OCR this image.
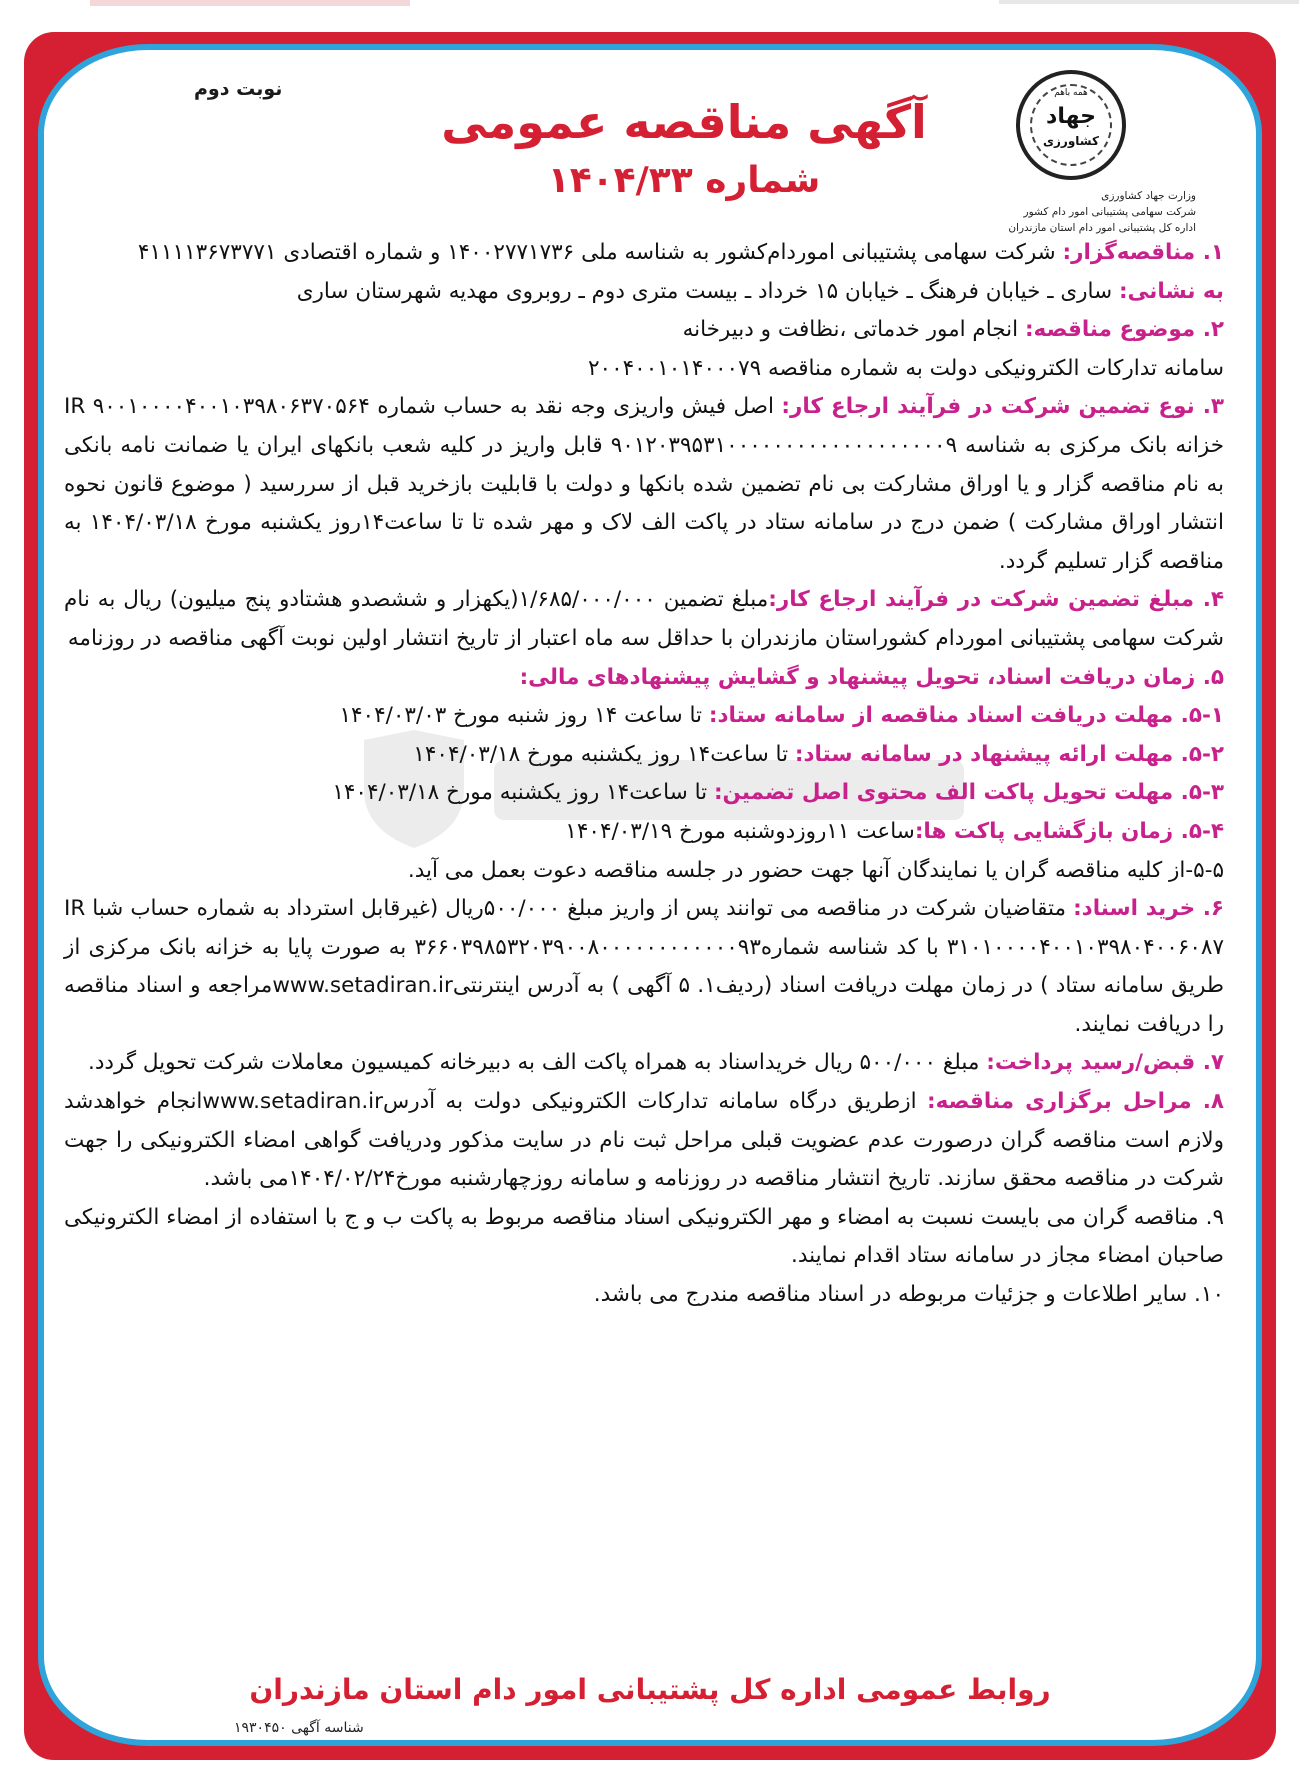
نوبت دوم
آگهی مناقصه عمومی
شماره ۱۴۰۴/۳۳
همه باهم
جهاد
کشاورزی
وزارت جهاد کشاورزی
شرکت سهامی پشتیبانی امور دام کشور
اداره کل پشتیبانی امور دام استان مازندران

۱. مناقصه‌گزار: شرکت سهامی پشتیبانی اموردام‌کشور به شناسه ملی ۱۴۰۰۲۷۷۱۷۳۶ و شماره اقتصادی ۴۱۱۱۱۳۶۷۳۷۷۱

به نشانی: ساری ـ خیابان فرهنگ ـ خیابان ۱۵ خرداد ـ بیست متری دوم ـ روبروی مهدیه شهرستان ساری

۲. موضوع مناقصه: انجام امور خدماتی ،نظافت و دبیرخانه

سامانه تدارکات الکترونیکی دولت به شماره مناقصه ۲۰۰۴۰۰۱۰۱۴۰۰۰۷۹

۳. نوع تضمین شرکت در فرآیند ارجاع کار: اصل فیش واریزی وجه نقد به حساب شماره IR ۹۰۰۱۰۰۰۰۴۰۰۱۰۳۹۸۰۶۳۷۰۵۶۴ خزانه بانک مرکزی به شناسه ۹۰۱۲۰۳۹۵۳۱۰۰۰۰۰۰۰۰۰۰۰۰۰۰۰۰۰۰۰۹ قابل واریز در کلیه شعب بانکهای ایران یا ضمانت نامه بانکی به نام مناقصه گزار و یا اوراق مشارکت بی نام تضمین شده بانکها و دولت با قابلیت بازخرید قبل از سررسید ( موضوع قانون نحوه انتشار اوراق مشارکت ) ضمن درج در سامانه ستاد در پاکت الف لاک و مهر شده تا تا ساعت۱۴روز یکشنبه مورخ ۱۴۰۴/۰۳/۱۸ به مناقصه گزار تسلیم گردد.

۴. مبلغ تضمین شرکت در فرآیند ارجاع کار:مبلغ تضمین ۱/۶۸۵/۰۰۰/۰۰۰(یکهزار و ششصدو هشتادو پنج میلیون) ریال به نام شرکت سهامی پشتیبانی اموردام کشوراستان مازندران با حداقل سه ماه اعتبار از تاریخ انتشار اولین نوبت آگهی مناقصه در روزنامه

۵. زمان دریافت اسناد، تحویل پیشنهاد و گشایش پیشنهادهای مالی:

۵-۱. مهلت دریافت اسناد مناقصه از سامانه ستاد: تا ساعت ۱۴ روز شنبه مورخ ۱۴۰۴/۰۳/۰۳

۵-۲. مهلت ارائه پیشنهاد در سامانه ستاد: تا ساعت۱۴ روز یکشنبه مورخ ۱۴۰۴/۰۳/۱۸

۵-۳. مهلت تحویل پاکت الف محتوی اصل تضمین: تا ساعت۱۴ روز یکشنبه مورخ ۱۴۰۴/۰۳/۱۸

۵-۴. زمان بازگشایی پاکت ها:ساعت ۱۱روزدوشنبه مورخ ۱۴۰۴/۰۳/۱۹

۵-۵-از کلیه مناقصه گران یا نمایندگان آنها جهت حضور در جلسه مناقصه دعوت بعمل می آید.

۶. خرید اسناد: متقاضیان شرکت در مناقصه می توانند پس از واریز مبلغ ۵۰۰/۰۰۰ریال (غیرقابل استرداد به شماره حساب شبا IR ۳۱۰۱۰۰۰۰۴۰۰۱۰۳۹۸۰۴۰۰۶۰۸۷ با کد شناسه شماره۳۶۶۰۳۹۸۵۳۲۰۳۹۰۰۸۰۰۰۰۰۰۰۰۰۰۰۰۹۳ به صورت پایا به خزانه بانک مرکزی از طریق سامانه ستاد ) در زمان مهلت دریافت اسناد (ردیف۱. ۵ آگهی ) به آدرس اینترنتیwww.setadiran.irمراجعه و اسناد مناقصه را دریافت نمایند.

۷. قبض/رسید پرداخت: مبلغ ۵۰۰/۰۰۰ ریال خریداسناد به همراه پاکت الف به دبیرخانه کمیسیون معاملات شرکت تحویل گردد.

۸. مراحل برگزاری مناقصه: ازطریق درگاه سامانه تدارکات الکترونیکی دولت به آدرسwww.setadiran.irانجام خواهدشد ولازم است مناقصه گران درصورت عدم عضویت قبلی مراحل ثبت نام در سایت مذکور ودریافت گواهی امضاء الکترونیکی را جهت شرکت در مناقصه محقق سازند. تاریخ انتشار مناقصه در روزنامه و سامانه روزچهارشنبه مورخ۱۴۰۴/۰۲/۲۴می باشد.

۹. مناقصه گران می بایست نسبت به امضاء و مهر الکترونیکی اسناد مناقصه مربوط به پاکت ب و ج با استفاده از امضاء الکترونیکی صاحبان امضاء مجاز در سامانه ستاد اقدام نمایند.

۱۰. سایر اطلاعات و جزئیات مربوطه در اسناد مناقصه مندرج می باشد.

روابط عمومی اداره کل پشتیبانی امور دام استان مازندران
شناسه آگهی ۱۹۳۰۴۵۰
